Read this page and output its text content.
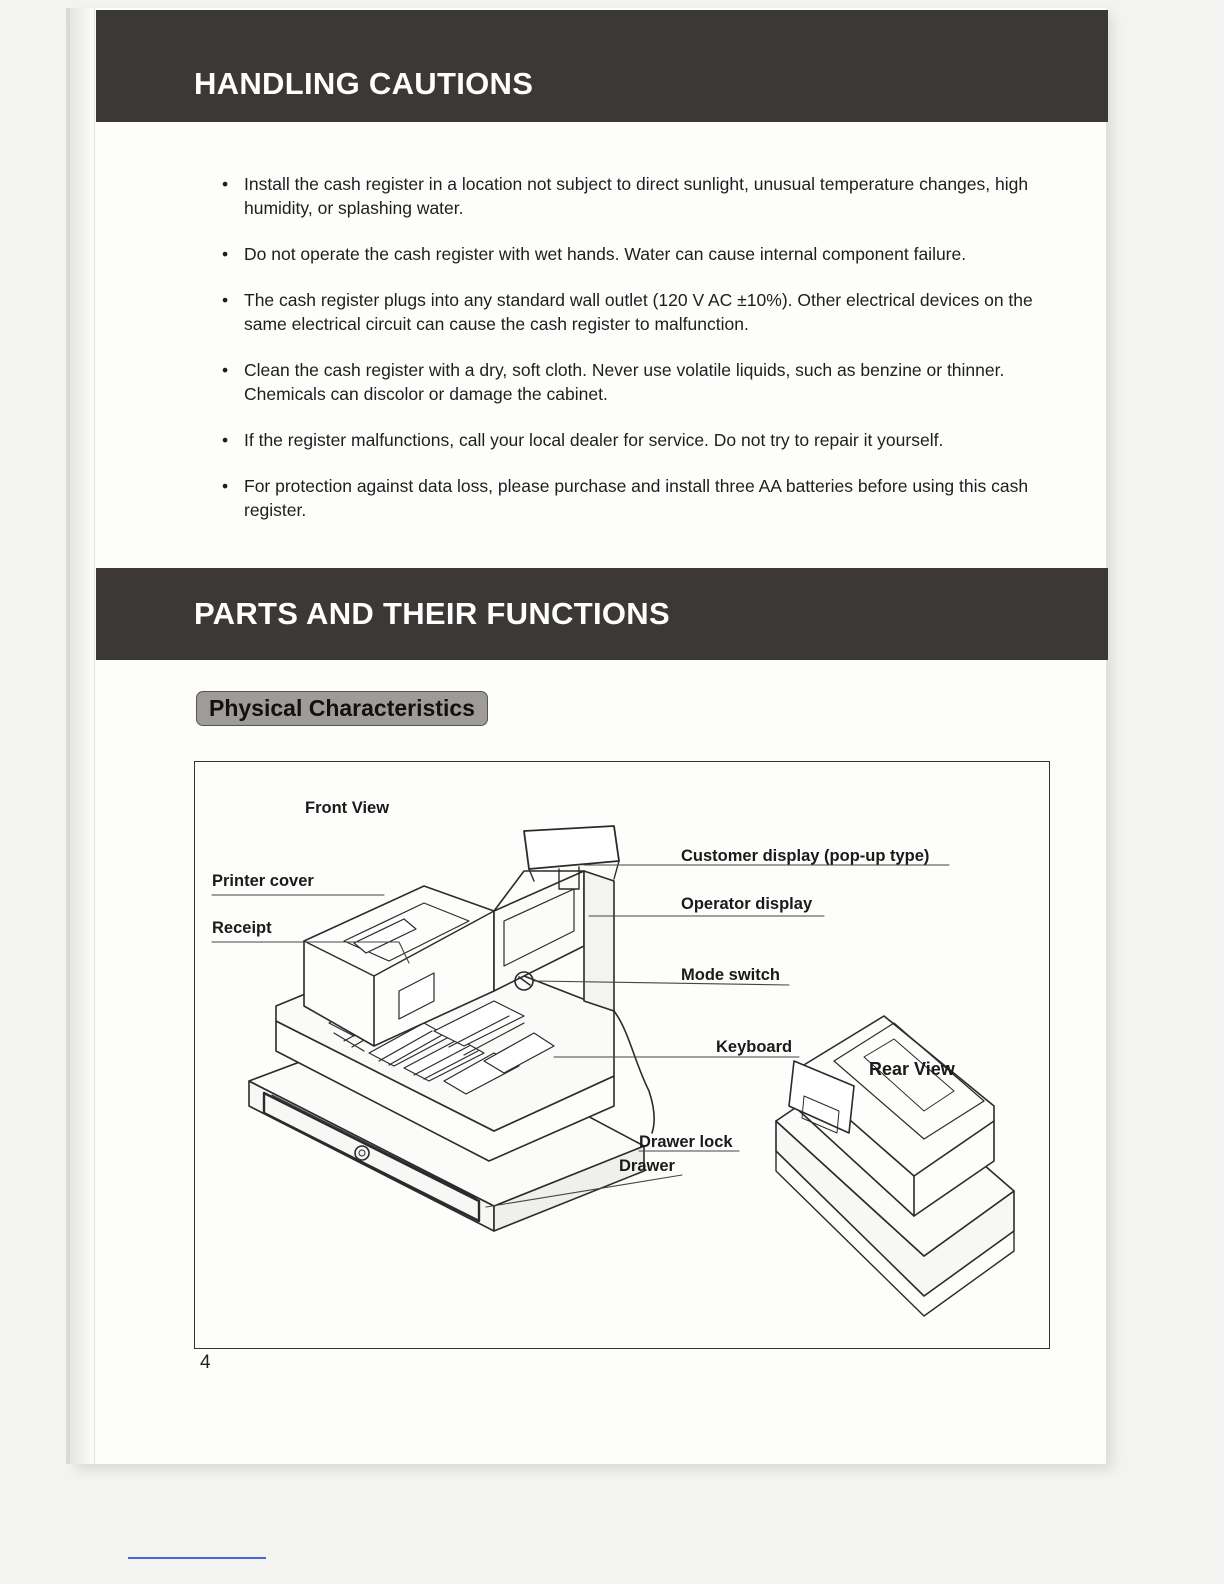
HANDLING CAUTIONS
• Install the cash register in a location not subject to direct sunlight, unusual temperature changes, high humidity, or splashing water.
• Do not operate the cash register with wet hands. Water can cause internal component failure.
• The cash register plugs into any standard wall outlet (120 V AC ±10%). Other electrical devices on the same electrical circuit can cause the cash register to malfunction.
• Clean the cash register with a dry, soft cloth. Never use volatile liquids, such as benzine or thinner. Chemicals can discolor or damage the cabinet.
• If the register malfunctions, call your local dealer for service. Do not try to repair it yourself.
• For protection against data loss, please purchase and install three AA batteries before using this cash register.
PARTS AND THEIR FUNCTIONS
Physical Characteristics
Front View
Printer cover
Receipt
Customer display (pop-up type)
Operator display
Mode switch
Keyboard
Rear View
Drawer lock
Drawer
4
